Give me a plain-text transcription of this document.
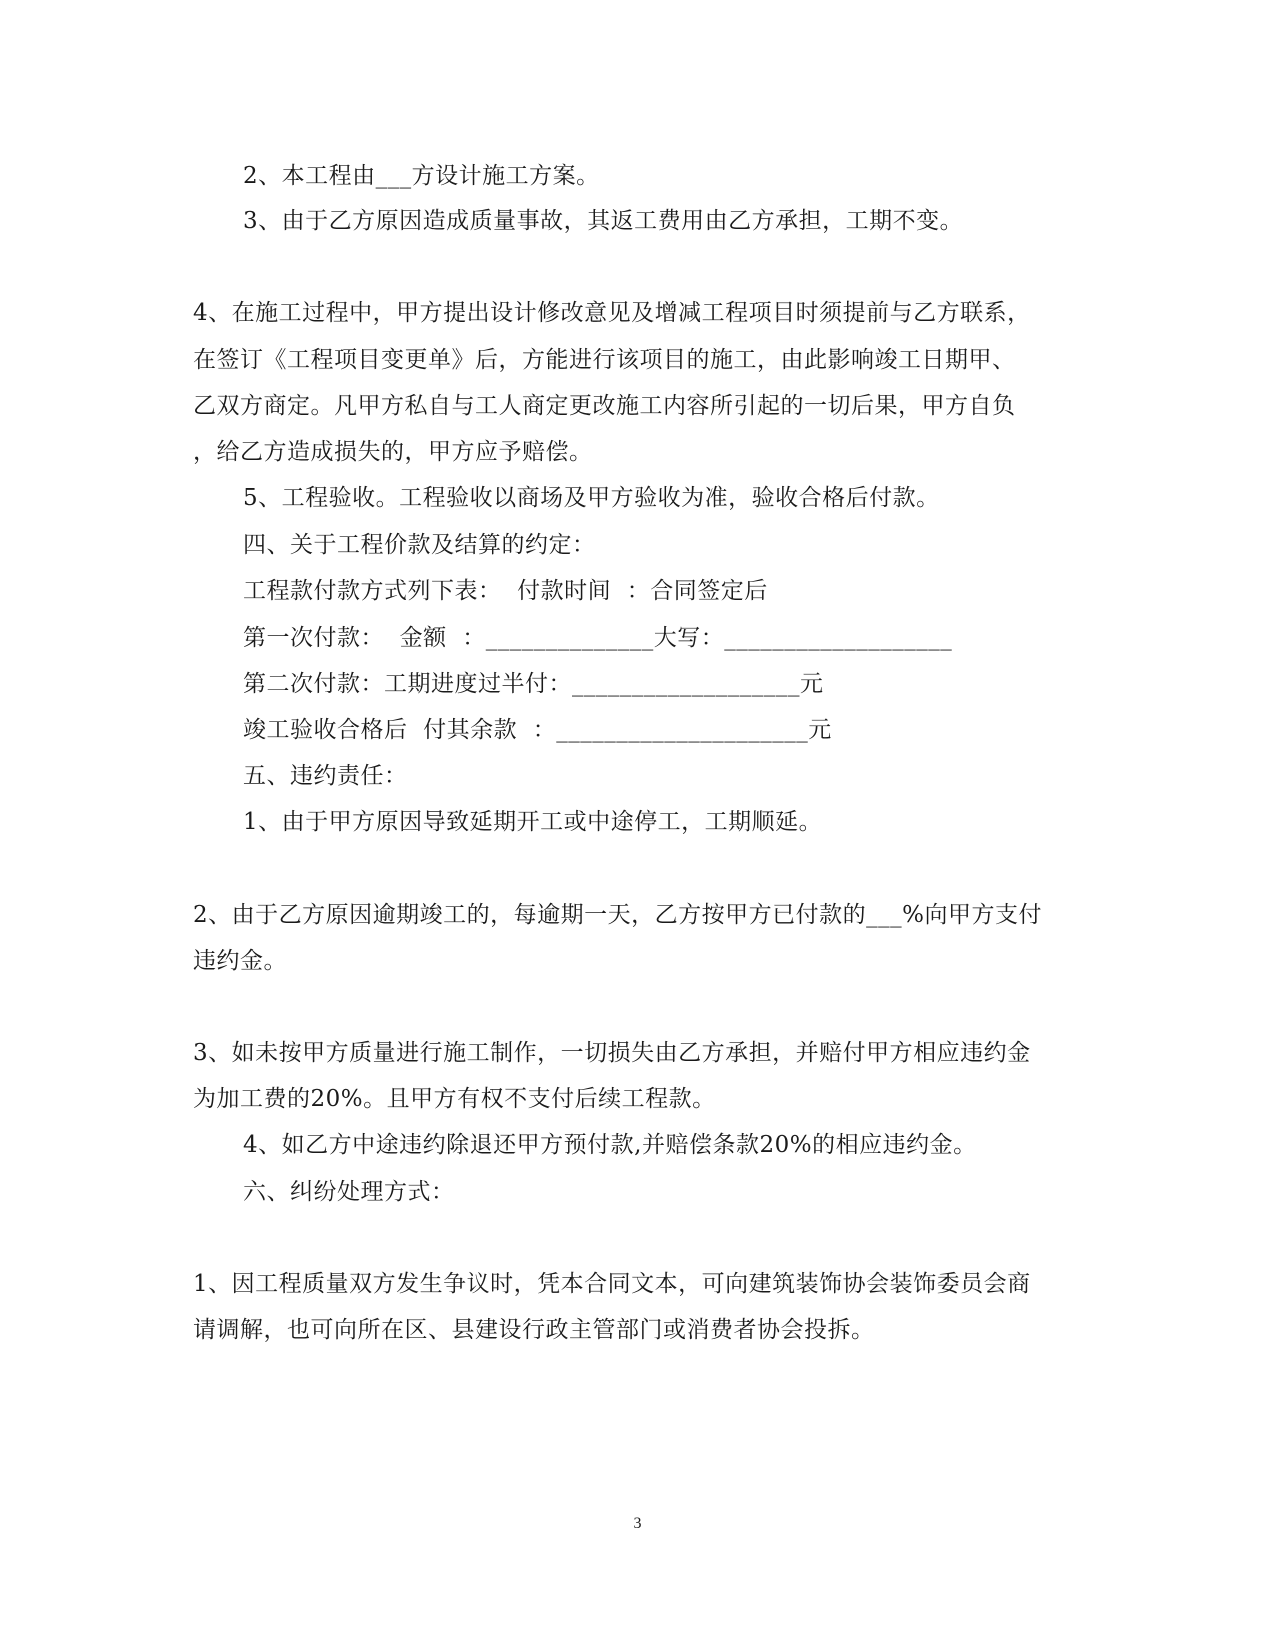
2、本工程由___方设计施工方案。
3、由于乙方原因造成质量事故，其返工费用由乙方承担，工期不变。
4、在施工过程中，甲方提出设计修改意见及增减工程项目时须提前与乙方联系，
在签订《工程项目变更单》后，方能进行该项目的施工，由此影响竣工日期甲、
乙双方商定。凡甲方私自与工人商定更改施工内容所引起的一切后果，甲方自负
，给乙方造成损失的，甲方应予赔偿。
5、工程验收。工程验收以商场及甲方验收为准，验收合格后付款。
四、关于工程价款及结算的约定：
工程款付款方式列下表：  付款时间  ：合同签定后
第一次付款：  金额  ：______________大写：___________________
第二次付款：工期进度过半付：___________________元
竣工验收合格后  付其余款  ：_____________________元
五、违约责任：
1、由于甲方原因导致延期开工或中途停工，工期顺延。
2、由于乙方原因逾期竣工的，每逾期一天，乙方按甲方已付款的___%向甲方支付
违约金。
3、如未按甲方质量进行施工制作，一切损失由乙方承担，并赔付甲方相应违约金
为加工费的20%。且甲方有权不支付后续工程款。
4、如乙方中途违约除退还甲方预付款,并赔偿条款20%的相应违约金。
六、纠纷处理方式：
1、因工程质量双方发生争议时，凭本合同文本，可向建筑装饰协会装饰委员会商
请调解，也可向所在区、县建设行政主管部门或消费者协会投拆。
3
